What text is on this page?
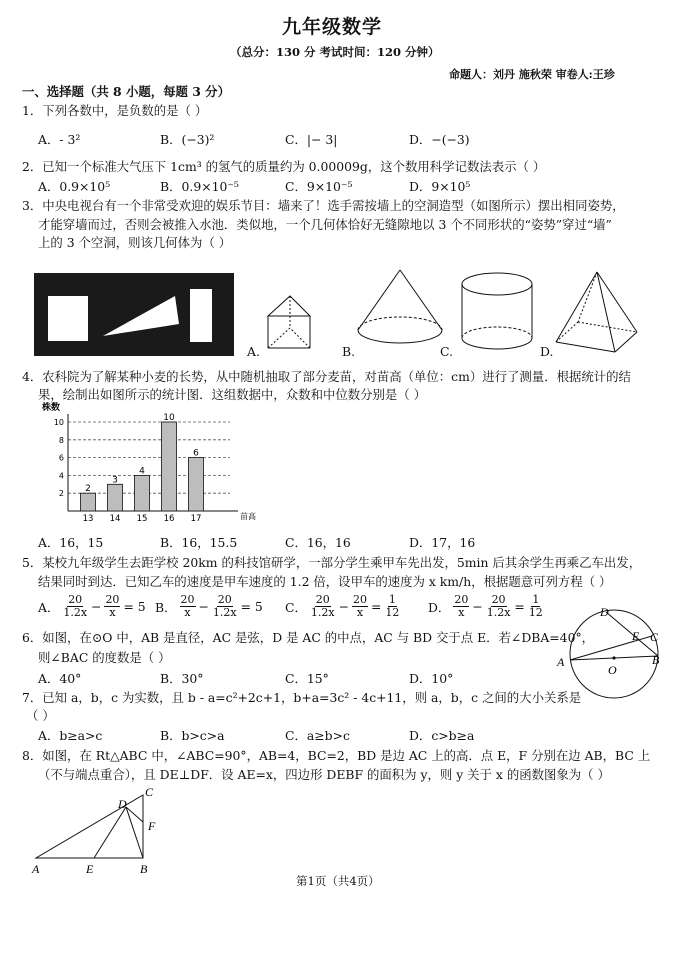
九年级数学
（总分：130 分 考试时间：120 分钟）
命题人：刘丹 施秋荣 审卷人:王珍
一、选择题（共 8 小题，每题 3 分）
1．下列各数中，是负数的是（ ）
A．- 3²	B．(−3)²	C．|− 3|	D．−(−3)
2．已知一个标准大气压下 1cm³ 的氢气的质量约为 0.00009g，这个数用科学记数法表示（ ）
A．0.9×10⁵	B．0.9×10⁻⁵	C．9×10⁻⁵	D．9×10⁵
3．中央电视台有一个非常受欢迎的娱乐节目：墙来了！选手需按墙上的空洞造型（如图所示）摆出相同姿势，
才能穿墙而过，否则会被推入水池．类似地，一个几何体恰好无缝隙地以 3 个不同形状的“姿势”穿过“墙”
上的 3 个空洞，则该几何体为（ ）
A.	B.	C.	D.
4．农科院为了解某种小麦的长势，从中随机抽取了部分麦苗，对苗高（单位：cm）进行了测量．根据统计的结
果，绘制出如图所示的统计图．这组数据中，众数和中位数分别是（ ）
2
4
6
8
10
株数
苗高
2
13
3
14
4
15
10
16
6
17
A．16，15	B．16，15.5	C．16，16	D．17，16
5．某校九年级学生去距学校 20km 的科技馆研学，一部分学生乘甲车先出发，5min 后其余学生再乘乙车出发，
结果同时到达．已知乙车的速度是甲车速度的 1.2 倍，设甲车的速度为 x km/h，根据题意可列方程（ ）
A． $\frac{20}{1.2x} - \frac{20}{x} = 5$ B． $\frac{20}{x} - \frac{20}{1.2x} = 5$ C． $\frac{20}{1.2x} - \frac{20}{x} = \frac{1}{12}$ D． $\frac{20}{x} - \frac{20}{1.2x} = \frac{1}{12}$
6．如图，在⊙O 中，AB 是直径，AC 是弦，D 是 AC 的中点，AC 与 BD 交于点 E．若∠DBA=40°，
则∠BAC 的度数是（ ）
A．40°	B．30°	C．15°	D．10°
D
E C
A
O
B
7．已知 a，b，c 为实数，且 b - a=c²+2c+1，b+a=3c² - 4c+11，则 a，b，c 之间的大小关系是
（ ）
A．b≥a>c	B．b>c>a	C．a≥b>c	D．c>b≥a
8．如图，在 Rt△ABC 中，∠ABC=90°，AB=4，BC=2，BD 是边 AC 上的高．点 E，F 分别在边 AB，BC 上
（不与端点重合），且 DE⊥DF．设 AE=x，四边形 DEBF 的面积为 y，则 y 关于 x 的函数图象为（ ）
C
D
F
A	E	B
第1页（共4页）
